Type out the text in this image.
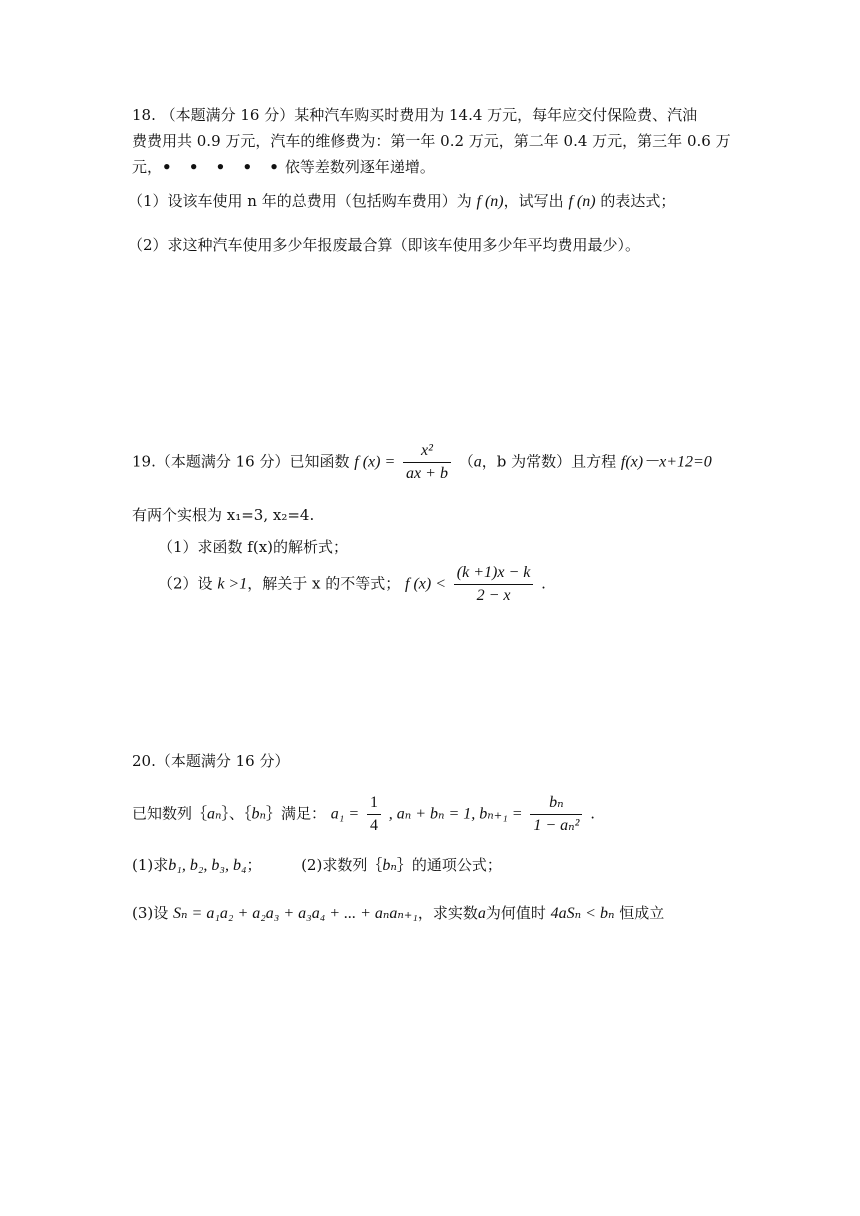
18. （本题满分 16 分）某种汽车购买时费用为 14.4 万元，每年应交付保险费、汽油
费费用共 0.9 万元，汽车的维修费为：第一年 0.2 万元，第二年 0.4 万元，第三年 0.6 万
元，• • • • •依等差数列逐年递增。
（1）设该车使用 n 年的总费用（包括购车费用）为 f (n)，试写出 f (n) 的表达式；
（2）求这种汽车使用多少年报废最合算（即该车使用多少年平均费用最少）。
19.（本题满分 16 分）已知函数 f $(x) = \frac{\text{x²}}{ax + b} (a$，b 为常数）且方程 f(x)－x+12=0
有两个实根为 x₁=3, x₂=4.
（1）求函数 f(x)的解析式；
（2）设 k >1，解关于 x 的不等式； f $(x) < \frac{(k +1)x - k}{2 - x}$ .
20.（本题满分 16 分）
已知数列｛aₙ｝、｛bₙ｝满足： $a_1 = \frac{1}{4}$ , aₙ + bₙ = 1, $b_{n+1} = \frac{\text{bₙ}}{\text{1 − aₙ²}}$ .
(1)求b₁, b₂, b₃, b₄；	(2)求数列｛bₙ｝的通项公式；
(3)设 Sₙ = a₁a₂ + a₂a₃ + a₃a₄ + ... + aₙaₙ₊₁，求实数a为何值时 4aSₙ < bₙ 恒成立
